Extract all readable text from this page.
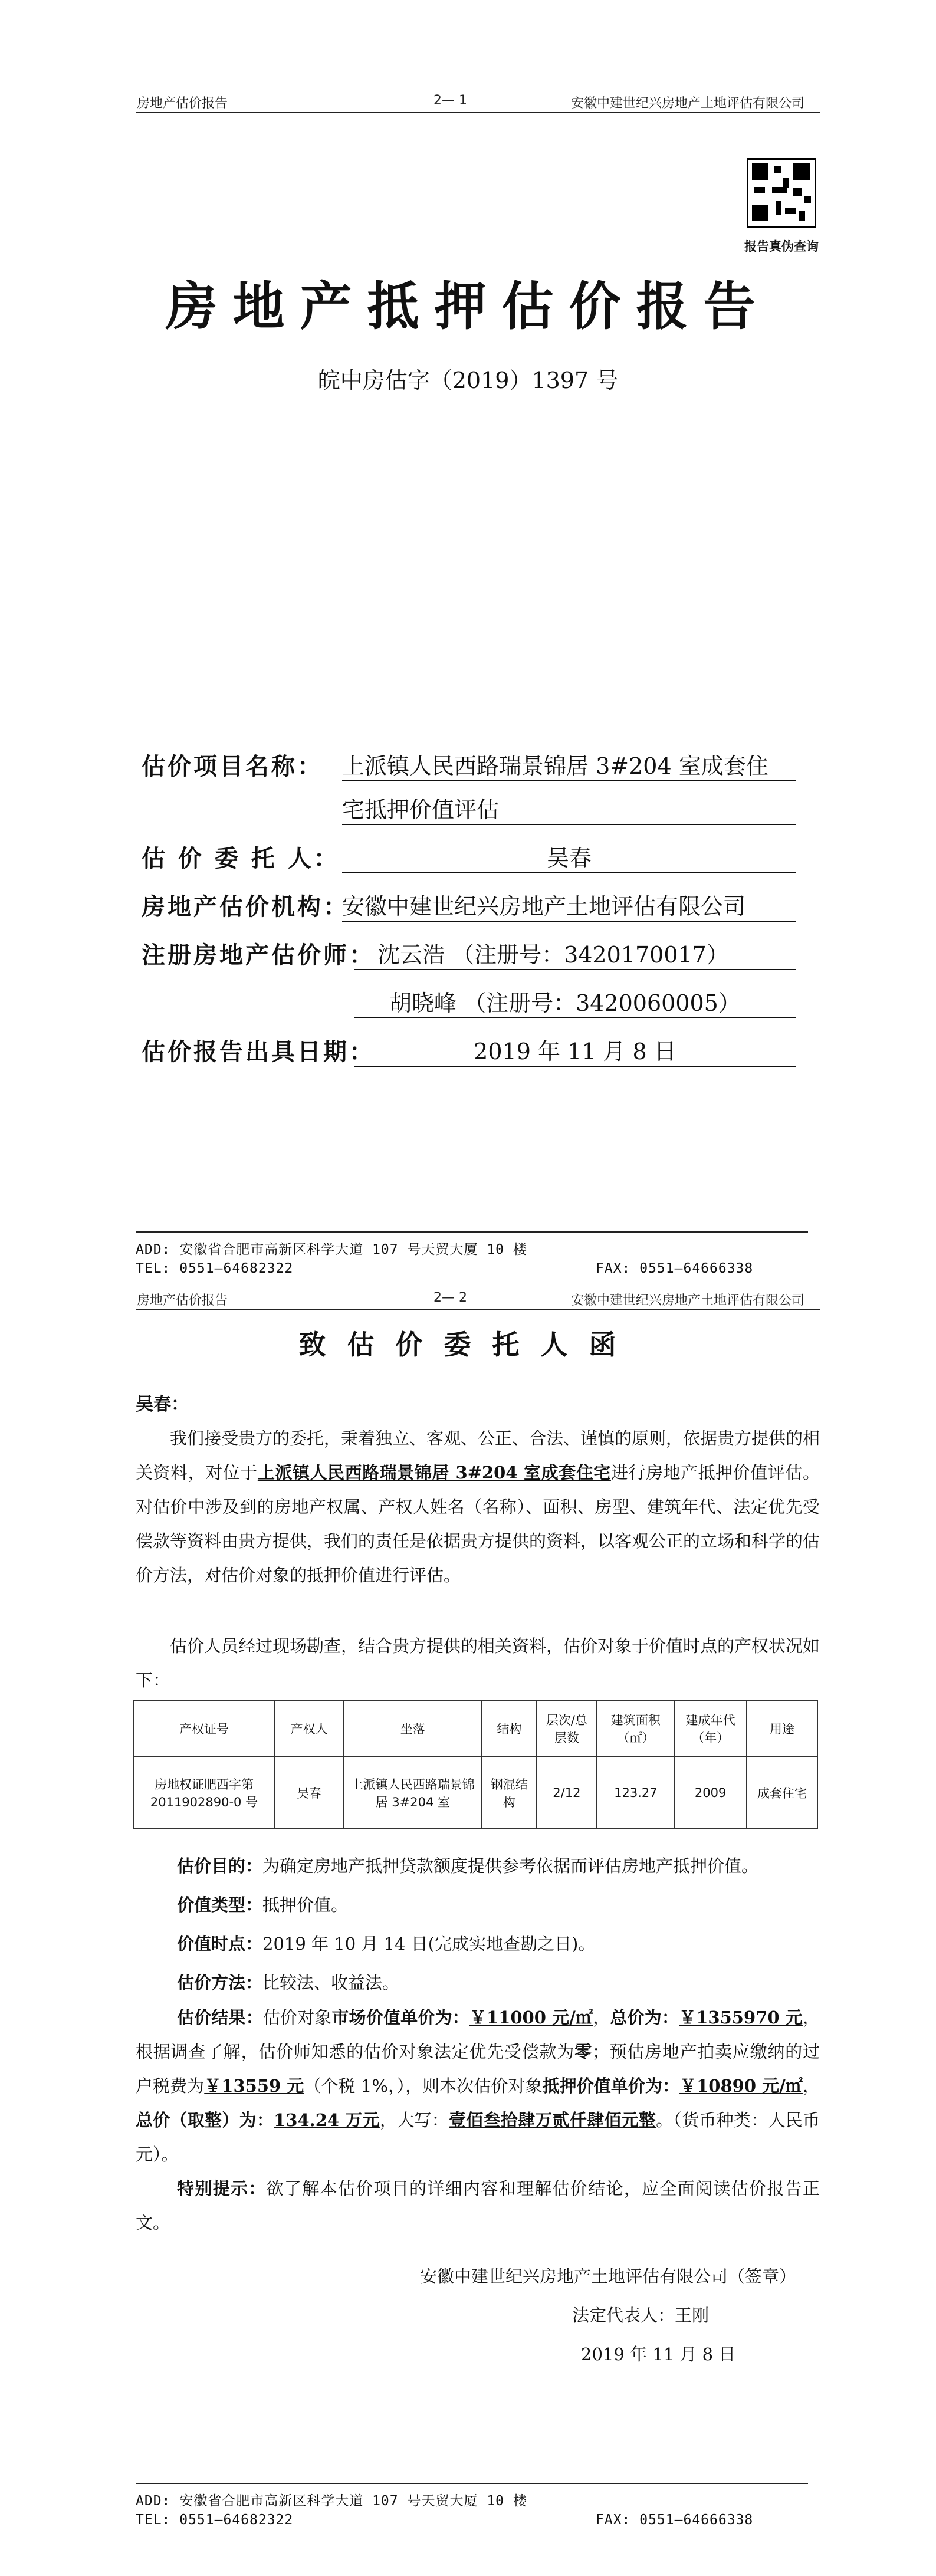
房地产估价报告	2— 1	安徽中建世纪兴房地产土地评估有限公司
报告真伪查询
房地产抵押估价报告
皖中房估字（2019）1397 号
估价项目名称： 上派镇人民西路瑞景锦居 3#204 室成套住
宅抵押价值评估
估 价 委 托 人：	吴春
房地产估价机构：
安徽中建世纪兴房地产土地评估有限公司
注册房地产估价师： 沈云浩 （注册号：3420170017）
胡晓峰 （注册号：3420060005）
估价报告出具日期：	2019 年 11 月 8 日
ADD: 安徽省合肥市高新区科学大道 107 号天贸大厦 10 楼
TEL: 0551—64682322	FAX: 0551—64666338
房地产估价报告	2— 2	安徽中建世纪兴房地产土地评估有限公司
致估价委托人函
吴春：
我们接受贵方的委托，秉着独立、客观、公正、合法、谨慎的原则，依据贵方提供的相关资料，对位于上派镇人民西路瑞景锦居 3#204 室成套住宅进行房地产抵押价值评估。对估价中涉及到的房地产权属、产权人姓名（名称）、面积、房型、建筑年代、法定优先受偿款等资料由贵方提供，我们的责任是依据贵方提供的资料，以客观公正的立场和科学的估价方法，对估价对象的抵押价值进行评估。
估价人员经过现场勘查，结合贵方提供的相关资料，估价对象于价值时点的产权状况如下：
产权证号	产权人	坐落	结构	层次/总层数	建筑面积（㎡）	建成年代（年）	用途
房地权证肥西字第 2011902890-0 号	吴春	上派镇人民西路瑞景锦居 3#204 室	钢混结构	2/12	123.27	2009	成套住宅
估价目的：为确定房地产抵押贷款额度提供参考依据而评估房地产抵押价值。
价值类型：抵押价值。
价值时点：2019 年 10 月 14 日(完成实地查勘之日)。
估价方法：比较法、收益法。
估价结果：估价对象市场价值单价为：￥11000 元/㎡，总价为：￥1355970 元，根据调查了解，估价师知悉的估价对象法定优先受偿款为零；预估房地产拍卖应缴纳的过户税费为￥13559 元（个税 1%，），则本次估价对象抵押价值单价为：￥10890 元/㎡，总价（取整）为：134.24 万元，大写：壹佰叁拾肆万贰仟肆佰元整。（货币种类：人民币元）。
特别提示：欲了解本估价项目的详细内容和理解估价结论，应全面阅读估价报告正文。
安徽中建世纪兴房地产土地评估有限公司（签章）
法定代表人：王刚
2019 年 11 月 8 日
ADD: 安徽省合肥市高新区科学大道 107 号天贸大厦 10 楼
TEL: 0551—64682322	FAX: 0551—64666338
